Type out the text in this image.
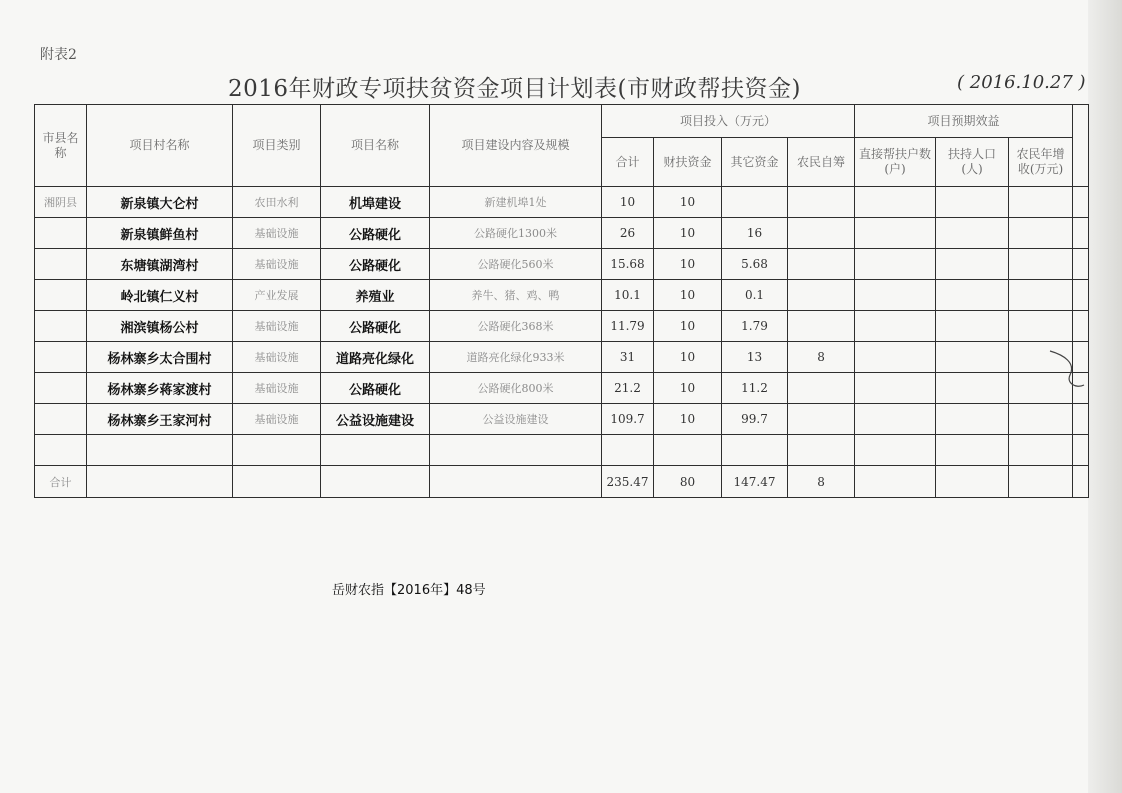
附表2
2016年财政专项扶贫资金项目计划表(市财政帮扶资金)	( 2016.10.27 )
市县名称	项目村名称	项目类别	项目名称	项目建设内容及规模	项目投入（万元）				项目预期效益			
					合计	财扶资金	其它资金	农民自筹	直接帮扶户数(户)	扶持人口(人)	农民年增收(万元)	
湘阴县	新泉镇大仑村	农田水利	机埠建设	新建机埠1处	10	10						
	新泉镇鲜鱼村	基础设施	公路硬化	公路硬化1300米	26	10	16					
	东塘镇湖湾村	基础设施	公路硬化	公路硬化560米	15.68	10	5.68					
	岭北镇仁义村	产业发展	养殖业	养牛、猪、鸡、鸭	10.1	10	0.1					
	湘滨镇杨公村	基础设施	公路硬化	公路硬化368米	11.79	10	1.79					
	杨林寨乡太合围村	基础设施	道路亮化绿化	道路亮化绿化933米	31	10	13	8				
	杨林寨乡蒋家渡村	基础设施	公路硬化	公路硬化800米	21.2	10	11.2					
	杨林寨乡王家河村	基础设施	公益设施建设	公益设施建设	109.7	10	99.7					

合计					235.47	80	147.47	8				
岳财农指【2016年】48号
